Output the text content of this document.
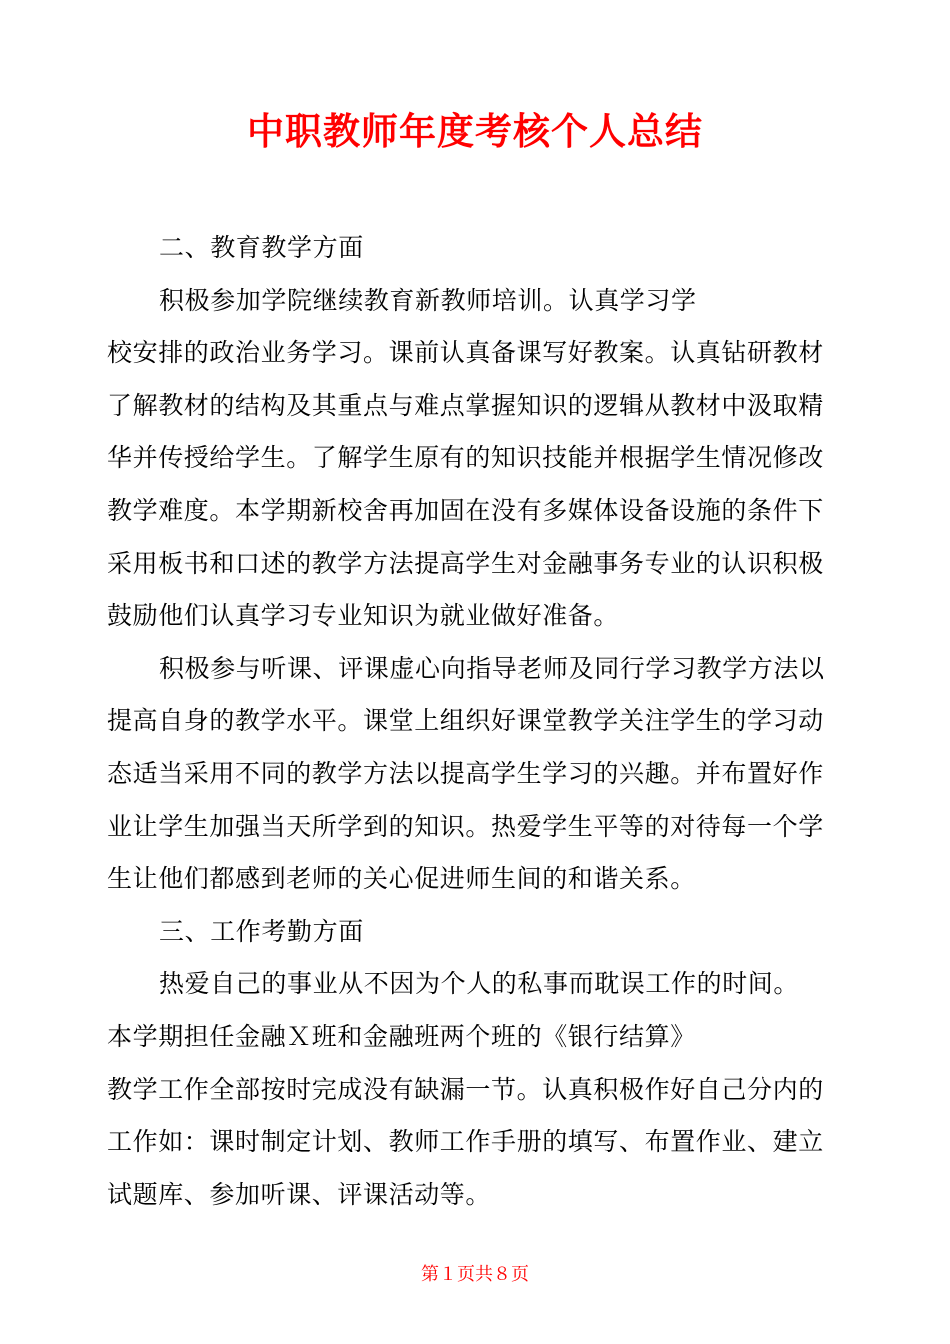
中职教师年度考核个人总结
二、教育教学方面
积极参加学院继续教育新教师培训。认真学习学
校安排的政治业务学习。课前认真备课写好教案。认真钻研教材
了解教材的结构及其重点与难点掌握知识的逻辑从教材中汲取精
华并传授给学生。了解学生原有的知识技能并根据学生情况修改
教学难度。本学期新校舍再加固在没有多媒体设备设施的条件下
采用板书和口述的教学方法提高学生对金融事务专业的认识积极
鼓励他们认真学习专业知识为就业做好准备。
积极参与听课、评课虚心向指导老师及同行学习教学方法以
提高自身的教学水平。课堂上组织好课堂教学关注学生的学习动
态适当采用不同的教学方法以提高学生学习的兴趣。并布置好作
业让学生加强当天所学到的知识。热爱学生平等的对待每一个学
生让他们都感到老师的关心促进师生间的和谐关系。
三、工作考勤方面
热爱自己的事业从不因为个人的私事而耽误工作的时间。
本学期担任金融Ｘ班和金融班两个班的《银行结算》
教学工作全部按时完成没有缺漏一节。认真积极作好自己分内的
工作如：课时制定计划、教师工作手册的填写、布置作业、建立
试题库、参加听课、评课活动等。
第１页共８页
